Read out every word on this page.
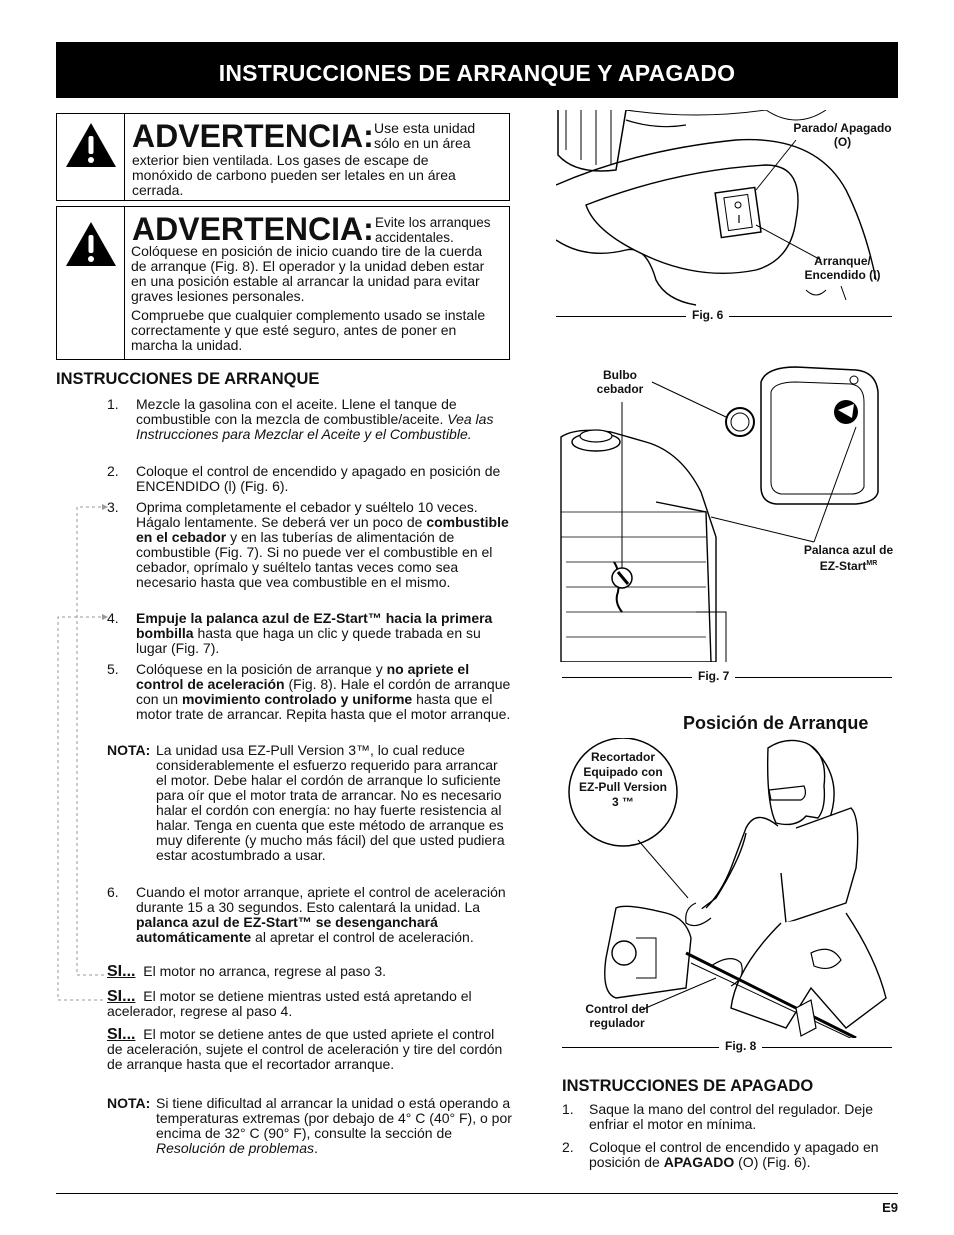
INSTRUCCIONES DE ARRANQUE Y APAGADO
ADVERTENCIA: Use esta unidad sólo en un área

exterior bien ventilada. Los gases de escape de monóxido de carbono pueden ser letales en un área cerrada.

ADVERTENCIA: Evite los arranques accidentales.

Colóquese en posición de inicio cuando tire de la cuerda de arranque (Fig. 8). El operador y la unidad deben estar en una posición estable al arrancar la unidad para evitar graves lesiones personales.

Compruebe que cualquier complemento usado se instale correctamente y que esté seguro, antes de poner en marcha la unidad.

INSTRUCCIONES DE ARRANQUE
1. Mezcle la gasolina con el aceite. Llene el tanque de combustible con la mezcla de combustible/aceite. Vea las Instrucciones para Mezclar el Aceite y el Combustible.
2. Coloque el control de encendido y apagado en posición de ENCENDIDO (l) (Fig. 6).
3. Oprima completamente el cebador y suéltelo 10 veces. Hágalo lentamente. Se deberá ver un poco de combustible en el cebador y en las tuberías de alimentación de combustible (Fig. 7). Si no puede ver el combustible en el cebador, oprímalo y suéltelo tantas veces como sea necesario hasta que vea combustible en el mismo.
4. Empuje la palanca azul de EZ-Start™ hacia la primera bombilla hasta que haga un clic y quede trabada en su lugar (Fig. 7).
5. Colóquese en la posición de arranque y no apriete el control de aceleración (Fig. 8). Hale el cordón de arranque con un movimiento controlado y uniforme hasta que el motor trate de arrancar. Repita hasta que el motor arranque.
NOTA: La unidad usa EZ-Pull Version 3™, lo cual reduce considerablemente el esfuerzo requerido para arrancar el motor. Debe halar el cordón de arranque lo suficiente para oír que el motor trata de arrancar. No es necesario halar el cordón con energía: no hay fuerte resistencia al halar. Tenga en cuenta que este método de arranque es muy diferente (y mucho más fácil) del que usted pudiera estar acostumbrado a usar.
6. Cuando el motor arranque, apriete el control de aceleración durante 15 a 30 segundos. Esto calentará la unidad. La palanca azul de EZ-Start™ se desenganchará automáticamente al apretar el control de aceleración.
SI... El motor no arranca, regrese al paso 3.
SI... El motor se detiene mientras usted está apretando el acelerador, regrese al paso 4.
SI... El motor se detiene antes de que usted apriete el control de aceleración, sujete el control de aceleración y tire del cordón de arranque hasta que el recortador arranque.
NOTA: Si tiene dificultad al arrancar la unidad o está operando a temperaturas extremas (por debajo de 4° C (40° F), o por encima de 32° C (90° F), consulte la sección de Resolución de problemas.
Parado/ Apagado (O)
Arranque/ Encendido (I)
Fig. 6
Bulbo cebador
Palanca azul de EZ-Start$^{MR}$
Fig. 7
Posición de Arranque
Recortador Equipado con EZ-Pull Version 3 ™
Control del regulador
Fig. 8
INSTRUCCIONES DE APAGADO
1. Saque la mano del control del regulador. Deje enfriar el motor en mínima.
2. Coloque el control de encendido y apagado en posición de APAGADO (O) (Fig. 6).
E9
